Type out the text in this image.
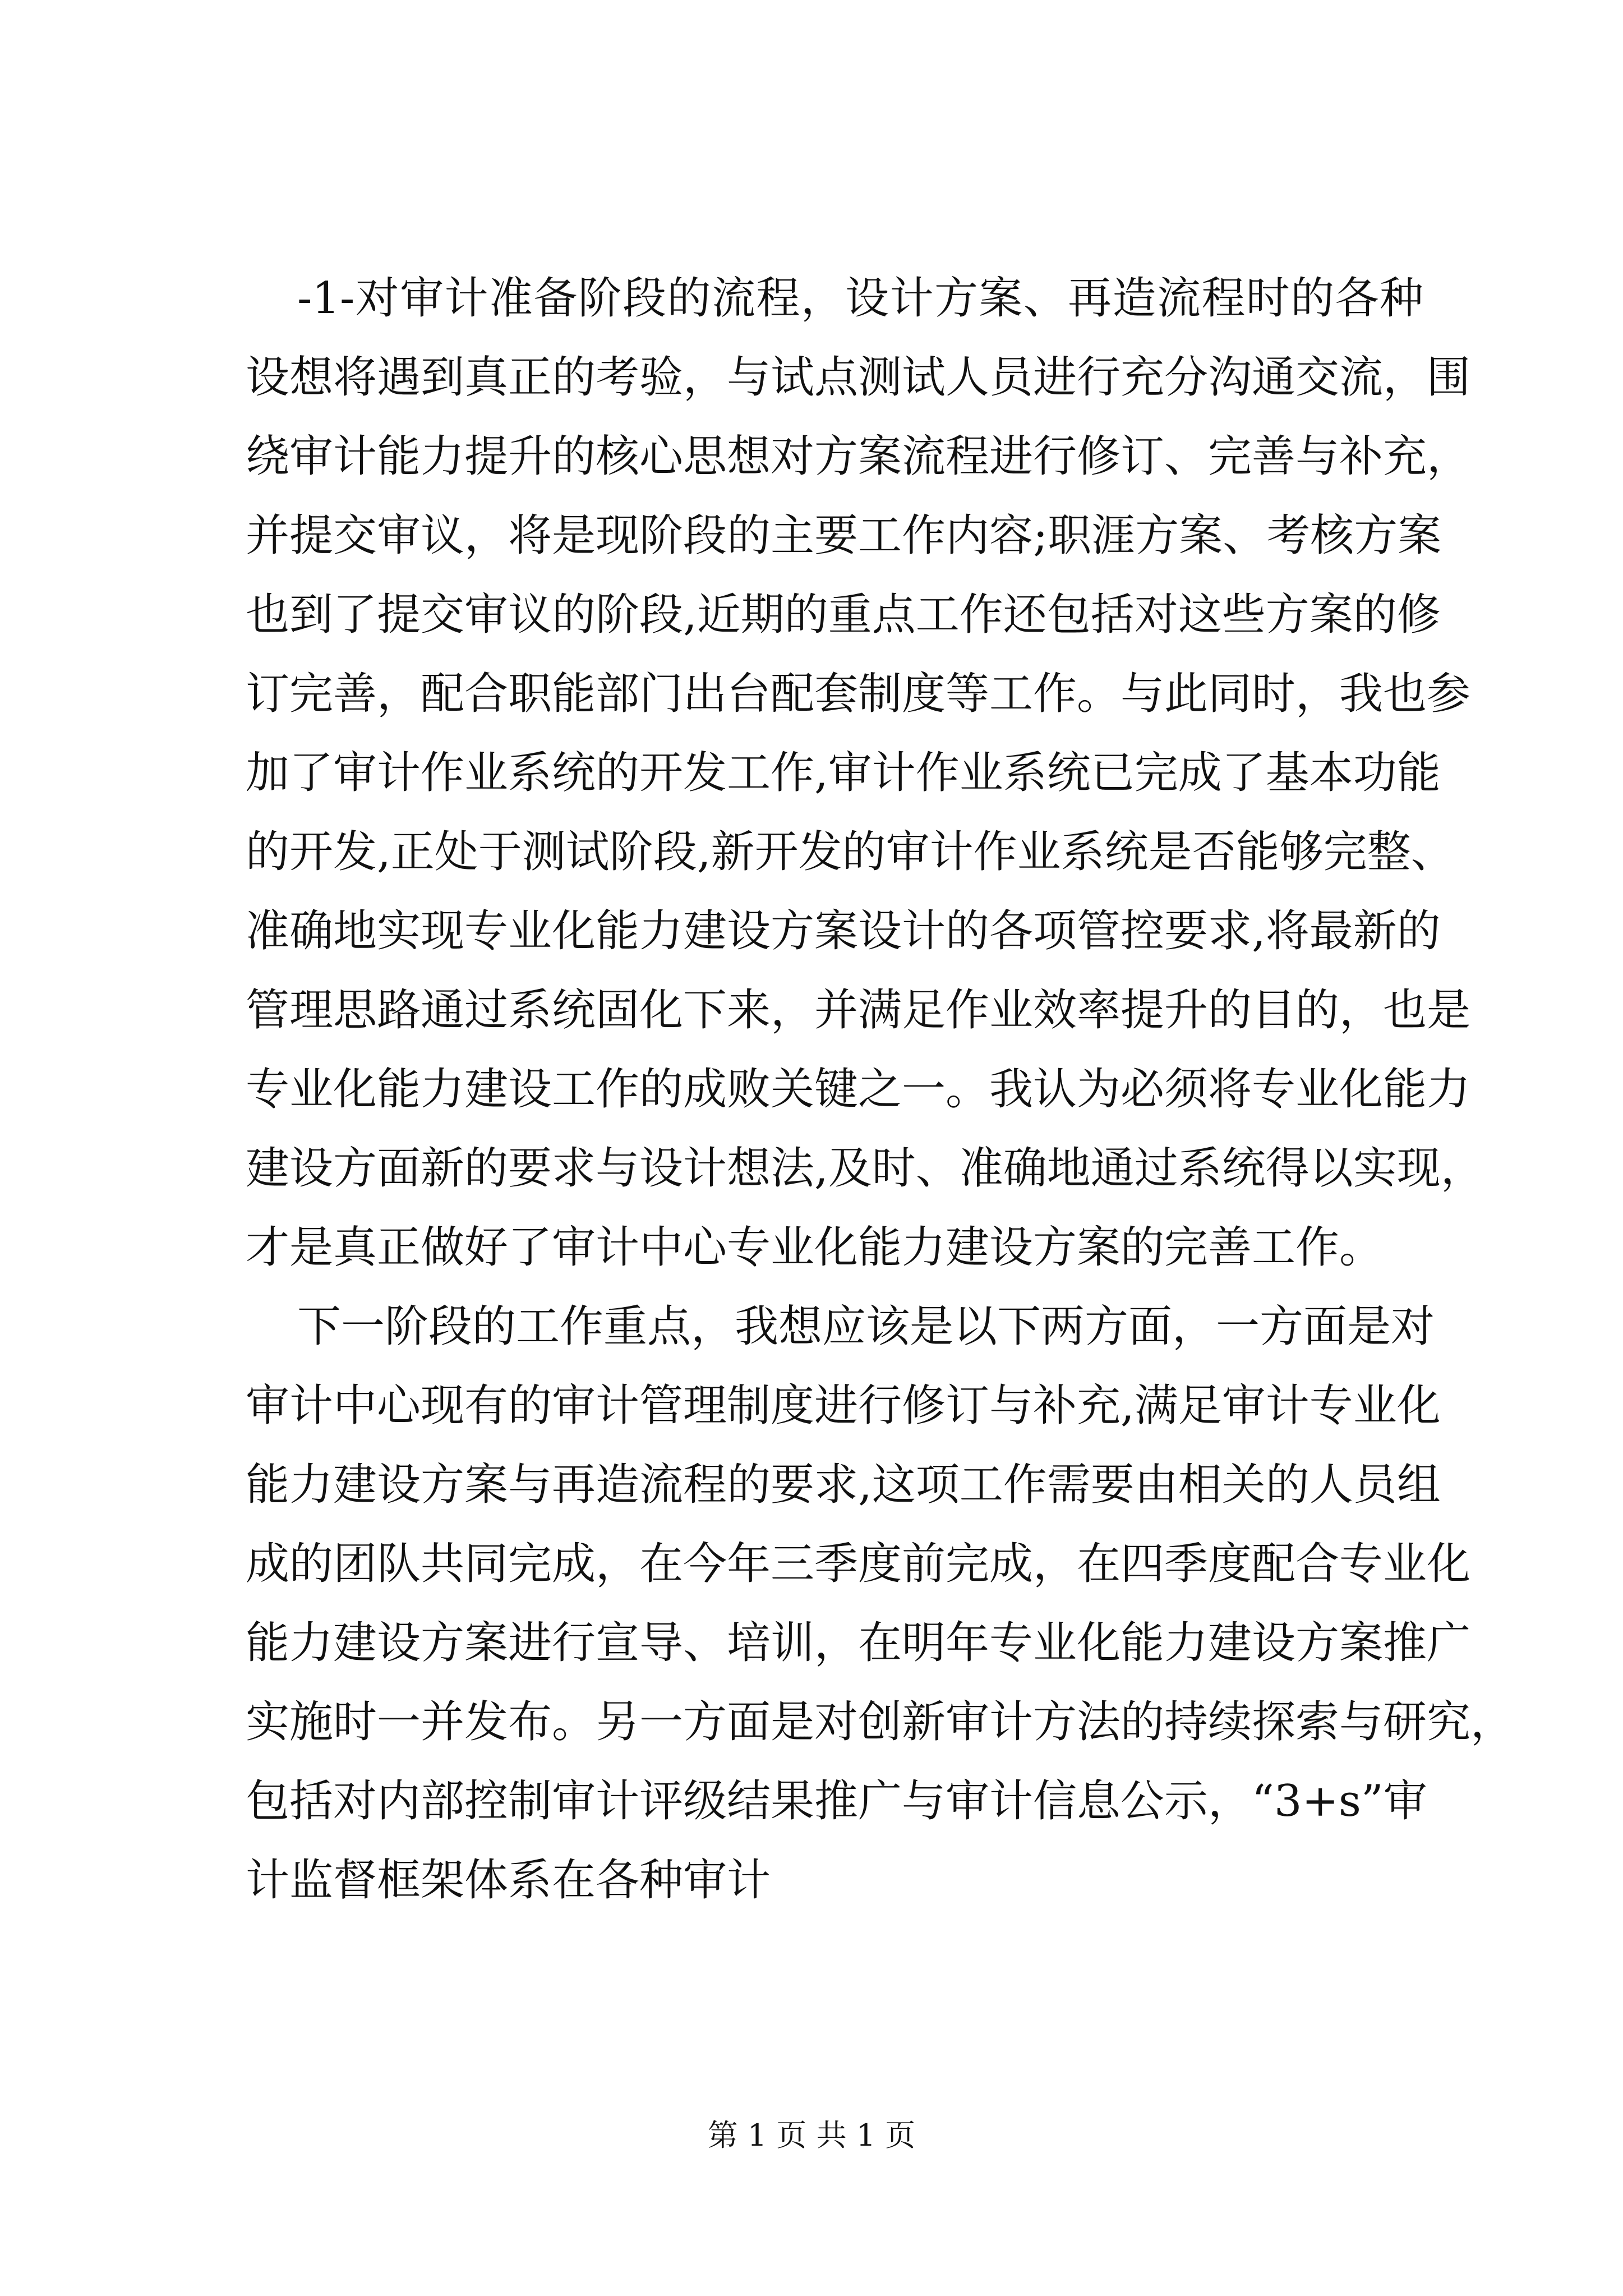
-1-对审计准备阶段的流程，设计方案、再造流程时的各种
设想将遇到真正的考验，与试点测试人员进行充分沟通交流，围
绕审计能力提升的核心思想对方案流程进行修订、完善与补充，
并提交审议，将是现阶段的主要工作内容;职涯方案、考核方案
也到了提交审议的阶段,近期的重点工作还包括对这些方案的修
订完善，配合职能部门出台配套制度等工作。与此同时，我也参
加了审计作业系统的开发工作,审计作业系统已完成了基本功能
的开发,正处于测试阶段,新开发的审计作业系统是否能够完整、
准确地实现专业化能力建设方案设计的各项管控要求,将最新的
管理思路通过系统固化下来，并满足作业效率提升的目的，也是
专业化能力建设工作的成败关键之一。我认为必须将专业化能力
建设方面新的要求与设计想法,及时、准确地通过系统得以实现，
才是真正做好了审计中心专业化能力建设方案的完善工作。
下一阶段的工作重点，我想应该是以下两方面，一方面是对
审计中心现有的审计管理制度进行修订与补充,满足审计专业化
能力建设方案与再造流程的要求,这项工作需要由相关的人员组
成的团队共同完成，在今年三季度前完成，在四季度配合专业化
能力建设方案进行宣导、培训，在明年专业化能力建设方案推广
实施时一并发布。另一方面是对创新审计方法的持续探索与研究，
包括对内部控制审计评级结果推广与审计信息公示，“3+s”审
计监督框架体系在各种审计
第 1 页 共 1 页
